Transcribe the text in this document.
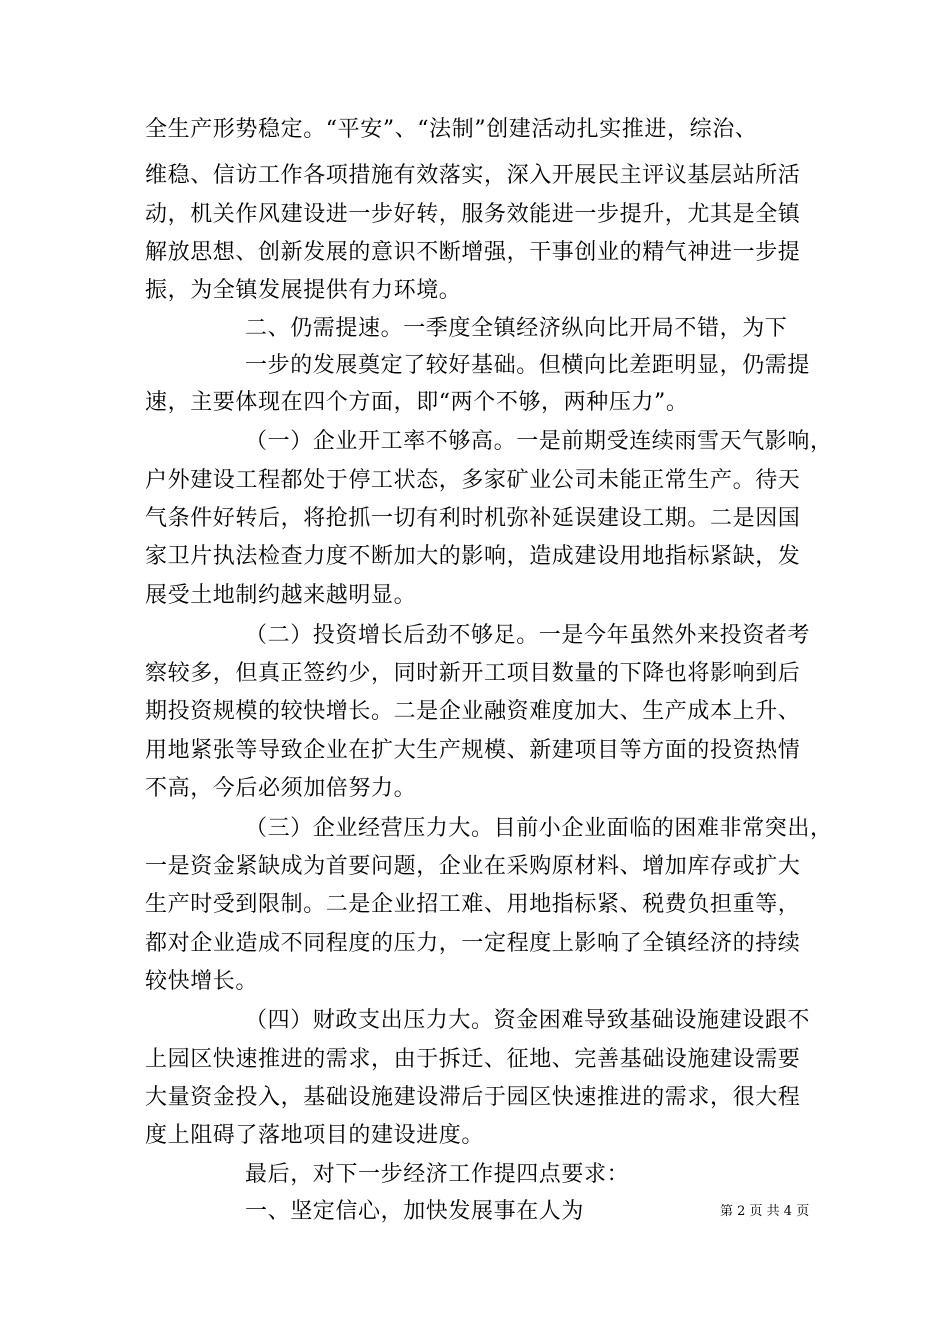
全生产形势稳定。“平安”、“法制”创建活动扎实推进，综治、
维稳、信访工作各项措施有效落实，深入开展民主评议基层站所活
动，机关作风建设进一步好转，服务效能进一步提升，尤其是全镇
解放思想、创新发展的意识不断增强，干事创业的精气神进一步提
振，为全镇发展提供有力环境。
二、仍需提速。一季度全镇经济纵向比开局不错，为下
一步的发展奠定了较好基础。但横向比差距明显，仍需提
速，主要体现在四个方面，即“两个不够，两种压力”。
（一）企业开工率不够高。一是前期受连续雨雪天气影响，
户外建设工程都处于停工状态，多家矿业公司未能正常生产。待天
气条件好转后，将抢抓一切有利时机弥补延误建设工期。二是因国
家卫片执法检查力度不断加大的影响，造成建设用地指标紧缺，发
展受土地制约越来越明显。
（二）投资增长后劲不够足。一是今年虽然外来投资者考
察较多，但真正签约少，同时新开工项目数量的下降也将影响到后
期投资规模的较快增长。二是企业融资难度加大、生产成本上升、
用地紧张等导致企业在扩大生产规模、新建项目等方面的投资热情
不高，今后必须加倍努力。
（三）企业经营压力大。目前小企业面临的困难非常突出，
一是资金紧缺成为首要问题，企业在采购原材料、增加库存或扩大
生产时受到限制。二是企业招工难、用地指标紧、税费负担重等，
都对企业造成不同程度的压力，一定程度上影响了全镇经济的持续
较快增长。
（四）财政支出压力大。资金困难导致基础设施建设跟不
上园区快速推进的需求，由于拆迁、征地、完善基础设施建设需要
大量资金投入，基础设施建设滞后于园区快速推进的需求，很大程
度上阻碍了落地项目的建设进度。
最后，对下一步经济工作提四点要求：
一、坚定信心，加快发展事在人为	第 2 页 共 4 页
